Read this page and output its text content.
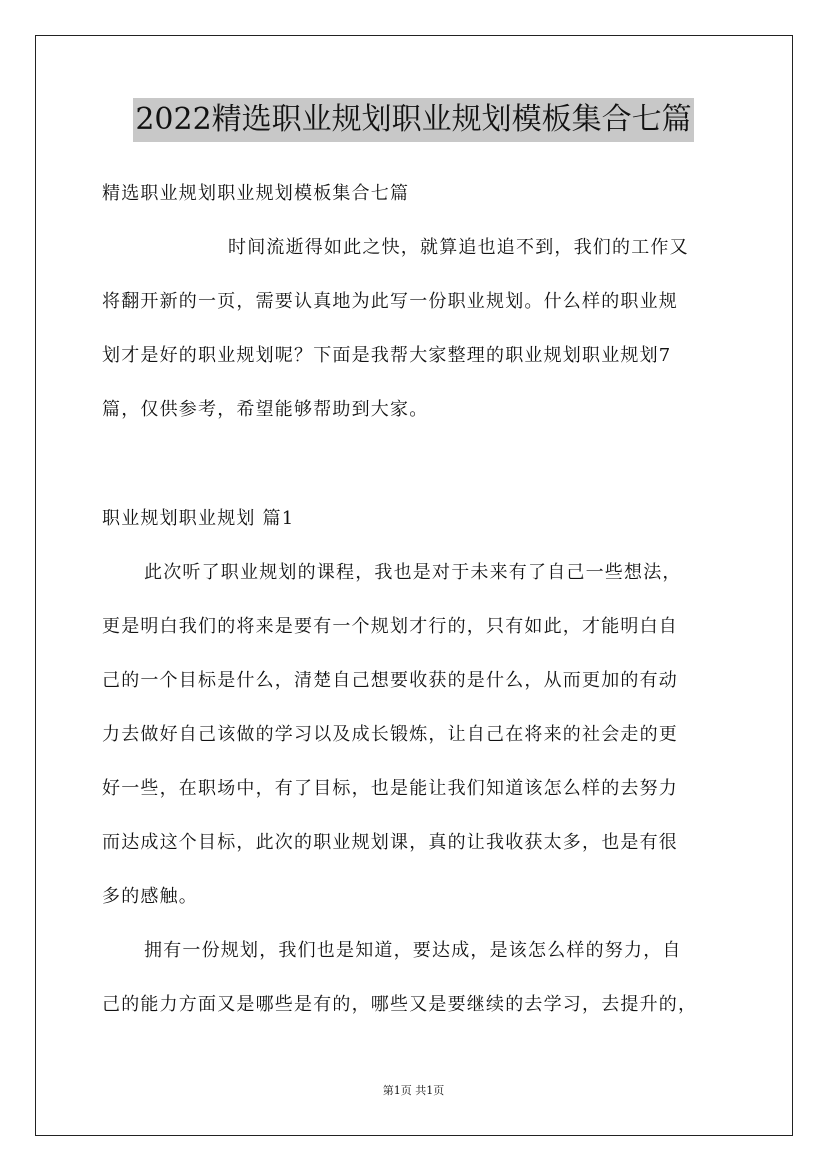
2022精选职业规划职业规划模板集合七篇
精选职业规划职业规划模板集合七篇
时间流逝得如此之快，就算追也追不到，我们的工作又
将翻开新的一页，需要认真地为此写一份职业规划。什么样的职业规
划才是好的职业规划呢？下面是我帮大家整理的职业规划职业规划7
篇，仅供参考，希望能够帮助到大家。
职业规划职业规划 篇1
此次听了职业规划的课程，我也是对于未来有了自己一些想法，
更是明白我们的将来是要有一个规划才行的，只有如此，才能明白自
己的一个目标是什么，清楚自己想要收获的是什么，从而更加的有动
力去做好自己该做的学习以及成长锻炼，让自己在将来的社会走的更
好一些，在职场中，有了目标，也是能让我们知道该怎么样的去努力
而达成这个目标，此次的职业规划课，真的让我收获太多，也是有很
多的感触。
拥有一份规划，我们也是知道，要达成，是该怎么样的努力，自
己的能力方面又是哪些是有的，哪些又是要继续的去学习，去提升的，
第1页 共1页
